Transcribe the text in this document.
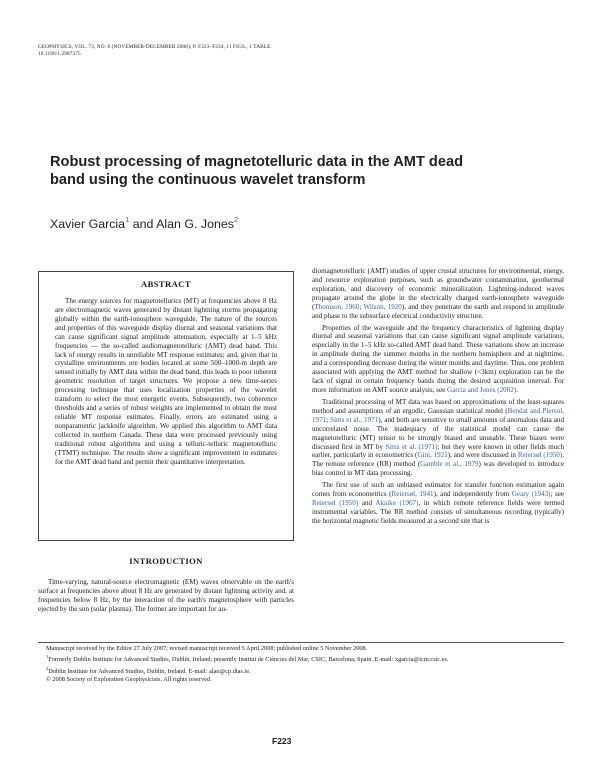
GEOPHYSICS, VOL. 73, NO. 6 (NOVEMBER-DECEMBER 2008); P. F223–F234, 11 FIGS., 1 TABLE.
10.1190/1.2987375
Robust processing of magnetotelluric data in the AMT dead band using the continuous wavelet transform
Xavier Garcia$^1$ and Alan G. Jones$^2$
ABSTRACT

The energy sources for magnetotellurics (MT) at frequencies above 8 Hz are electromagnetic waves generated by distant lightning storms propagating globally within the earth-ionosphere waveguide. The nature of the sources and properties of this waveguide display diurnal and seasonal variations that can cause significant signal amplitude attenuation, especially at 1–5 kHz frequencies — the so-called audiomagnetotelluric (AMT) dead band. This lack of energy results in unreliable MT response estimates; and, given that in crystalline environments ore bodies located at some 500–1000-m depth are sensed initially by AMT data within the dead band, this leads to poor inherent geometric resolution of target structures. We propose a new time-series processing technique that uses localization properties of the wavelet transform to select the most energetic events. Subsequently, two coherence thresholds and a series of robust weights are implemented to obtain the most reliable MT response estimates. Finally, errors are estimated using a nonparametric jackknife algorithm. We applied this algorithm to AMT data collected in northern Canada. These data were processed previously using traditional robust algorithms and using a telluric-telluric magnetotelluric (TTMT) technique. The results show a significant improvement in estimates for the AMT dead band and permit their quantitative interpretation.

INTRODUCTION

Time-varying, natural-source electromagnetic (EM) waves observable on the earth's surface at frequencies above about 8 Hz are generated by distant lightning activity and, at frequencies below 8 Hz, by the interaction of the earth's magnetosphere with particles ejected by the sun (solar plasma). The former are important for au-

diomagnetotelluric (AMT) studies of upper crustal structures for environmental, energy, and resource exploration purposes, such as groundwater contamination, geothermal exploration, and discovery of economic mineralization. Lightning-induced waves propagate around the globe in the electrically charged earth-ionosphere waveguide (Thomson, 1960; Wilson, 1920), and they penetrate the earth and respond in amplitude and phase to the subsurface electrical conductivity structure.

Properties of the waveguide and the frequency characteristics of lightning display diurnal and seasonal variations that can cause significant signal amplitude variations, especially in the 1–5 kHz so-called AMT dead band. These variations show an increase in amplitude during the summer months in the northern hemisphere and at nighttime, and a corresponding decrease during the winter months and daytime. Thus, one problem associated with applying the AMT method for shallow (<3km) exploration can be the lack of signal in certain frequency bands during the desired acquisition interval. For more information on AMT source analysis, see Garcia and Jones (2002).

Traditional processing of MT data was based on approximations of the least-squares method and assumptions of an ergodic, Gaussian statistical model (Bendat and Piersol, 1971; Sims et al., 1971), and both are sensitive to small amounts of anomalous data and uncorrelated noise. The inadequacy of the statistical model can cause the magnetotelluric (MT) tensor to be strongly biased and unusable. These biases were discussed first in MT by Sims et al. (1971); but they were known in other fields much earlier, particularly in econometrics (Gini, 1921), and were discussed in Reiersøl (1950). The remote reference (RR) method (Gamble et al., 1979) was developed to introduce bias control in MT data processing.

The first use of such an unbiased estimator for transfer function estimation again comes from econometrics (Reiersøl, 1941), and independently from Geary (1943); see Reiersøl (1950) and Akaike (1967), in which remote reference fields were termed instrumental variables. The RR method consists of simultaneous recording (typically) the horizontal magnetic fields measured at a second site that is

Manuscript received by the Editor 27 July 2007; revised manuscript received 5 April 2008; published online 5 November 2008.
$^1$Formerly Dublin Institute for Advanced Studies, Dublin, Ireland; presently Institut de Ciències del Mar, CSIC, Barcelona, Spain. E-mail: xgarcia@icm.csic.es.
$^2$Dublin Institute for Advanced Studies, Dublin, Ireland. E-mail: alan@cp.dias.ie.
© 2008 Society of Exploration Geophysicists. All rights reserved.
F223
